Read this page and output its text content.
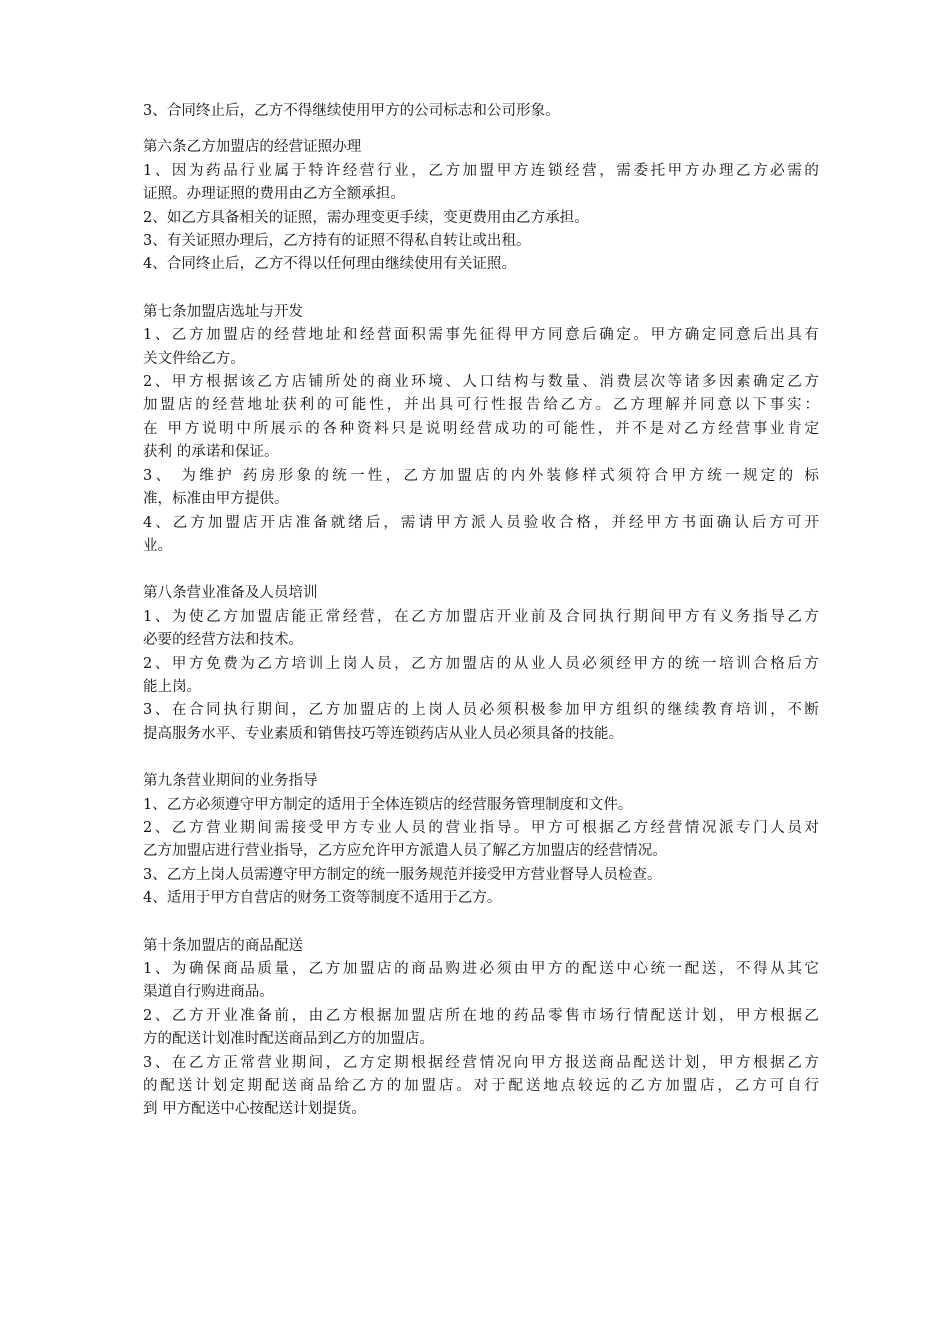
3、合同终止后，乙方不得继续使用甲方的公司标志和公司形象。
第六条乙方加盟店的经营证照办理
1、因为药品行业属于特许经营行业，乙方加盟甲方连锁经营，需委托甲方办理乙方必需的
证照。办理证照的费用由乙方全额承担。
2、如乙方具备相关的证照，需办理变更手续，变更费用由乙方承担。
3、有关证照办理后，乙方持有的证照不得私自转让或出租。
4、合同终止后，乙方不得以任何理由继续使用有关证照。
第七条加盟店选址与开发
1、乙方加盟店的经营地址和经营面积需事先征得甲方同意后确定。甲方确定同意后出具有
关文件给乙方。
2、甲方根据该乙方店铺所处的商业环境、人口结构与数量、消费层次等诸多因素确定乙方
加盟店的经营地址获利的可能性，并出具可行性报告给乙方。乙方理解并同意以下事实：
在 甲方说明中所展示的各种资料只是说明经营成功的可能性，并不是对乙方经营事业肯定
获利 的承诺和保证。
3、 为维护 药房形象的统一性，乙方加盟店的内外装修样式须符合甲方统一规定的 标
准，标准由甲方提供。
4、乙方加盟店开店准备就绪后，需请甲方派人员验收合格，并经甲方书面确认后方可开
业。
第八条营业准备及人员培训
1、为使乙方加盟店能正常经营，在乙方加盟店开业前及合同执行期间甲方有义务指导乙方
必要的经营方法和技术。
2、甲方免费为乙方培训上岗人员，乙方加盟店的从业人员必须经甲方的统一培训合格后方
能上岗。
3、在合同执行期间，乙方加盟店的上岗人员必须积极参加甲方组织的继续教育培训，不断
提高服务水平、专业素质和销售技巧等连锁药店从业人员必须具备的技能。
第九条营业期间的业务指导
1、乙方必须遵守甲方制定的适用于全体连锁店的经营服务管理制度和文件。
2、乙方营业期间需接受甲方专业人员的营业指导。甲方可根据乙方经营情况派专门人员对
乙方加盟店进行营业指导，乙方应允许甲方派遣人员了解乙方加盟店的经营情况。
3、乙方上岗人员需遵守甲方制定的统一服务规范并接受甲方营业督导人员检查。
4、适用于甲方自营店的财务工资等制度不适用于乙方。
第十条加盟店的商品配送
1、为确保商品质量，乙方加盟店的商品购进必须由甲方的配送中心统一配送，不得从其它
渠道自行购进商品。
2、乙方开业准备前，由乙方根据加盟店所在地的药品零售市场行情配送计划，甲方根据乙
方的配送计划准时配送商品到乙方的加盟店。
3、在乙方正常营业期间，乙方定期根据经营情况向甲方报送商品配送计划，甲方根据乙方
的配送计划定期配送商品给乙方的加盟店。对于配送地点较远的乙方加盟店，乙方可自行
到 甲方配送中心按配送计划提货。
